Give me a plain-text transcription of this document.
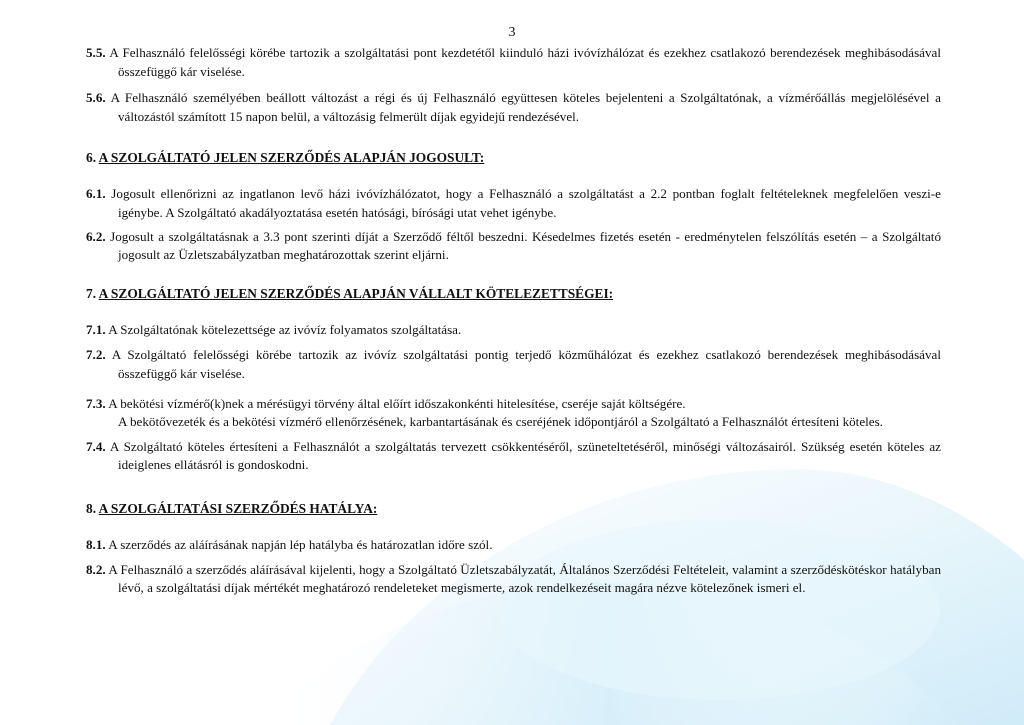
3

5.5. A Felhasználó felelősségi körébe tartozik a szolgáltatási pont kezdetétől kiinduló házi ivóvízhálózat és ezekhez csatlakozó berendezések meghibásodásával összefüggő kár viselése.

5.6. A Felhasználó személyében beállott változást a régi és új Felhasználó együttesen köteles bejelenteni a Szolgáltatónak, a vízmérőállás megjelölésével a változástól számított 15 napon belül, a változásig felmerült díjak egyidejű rendezésével.

6. A SZOLGÁLTATÓ JELEN SZERZŐDÉS ALAPJÁN JOGOSULT:

6.1. Jogosult ellenőrizni az ingatlanon levő házi ivóvízhálózatot, hogy a Felhasználó a szolgáltatást a 2.2 pontban foglalt feltételeknek megfelelően veszi-e igénybe. A Szolgáltató akadályoztatása esetén hatósági, bírósági utat vehet igénybe.

6.2. Jogosult a szolgáltatásnak a 3.3 pont szerinti díját a Szerződő féltől beszedni. Késedelmes fizetés esetén - eredménytelen felszólítás esetén – a Szolgáltató jogosult az Üzletszabályzatban meghatározottak szerint eljárni.

7. A SZOLGÁLTATÓ JELEN SZERZŐDÉS ALAPJÁN VÁLLALT KÖTELEZETTSÉGEI:

7.1. A Szolgáltatónak kötelezettsége az ivóvíz folyamatos szolgáltatása.

7.2. A Szolgáltató felelősségi körébe tartozik az ivóvíz szolgáltatási pontig terjedő közműhálózat és ezekhez csatlakozó berendezések meghibásodásával összefüggő kár viselése.

7.3. A bekötési vízmérő(k)nek a mérésügyi törvény által előírt időszakonkénti hitelesítése, cseréje saját költségére.
A bekötővezeték és a bekötési vízmérő ellenőrzésének, karbantartásának és cseréjének időpontjáról a Szolgáltató a Felhasználót értesíteni köteles.

7.4. A Szolgáltató köteles értesíteni a Felhasználót a szolgáltatás tervezett csökkentéséről, szüneteltetéséről, minőségi változásairól. Szükség esetén köteles az ideiglenes ellátásról is gondoskodni.

8. A SZOLGÁLTATÁSI SZERZŐDÉS HATÁLYA:

8.1. A szerződés az aláírásának napján lép hatályba és határozatlan időre szól.

8.2. A Felhasználó a szerződés aláírásával kijelenti, hogy a Szolgáltató Üzletszabályzatát, Általános Szerződési Feltételeit, valamint a szerződéskötéskor hatályban lévő, a szolgáltatási díjak mértékét meghatározó rendeleteket megismerte, azok rendelkezéseit magára nézve kötelezőnek ismeri el.
